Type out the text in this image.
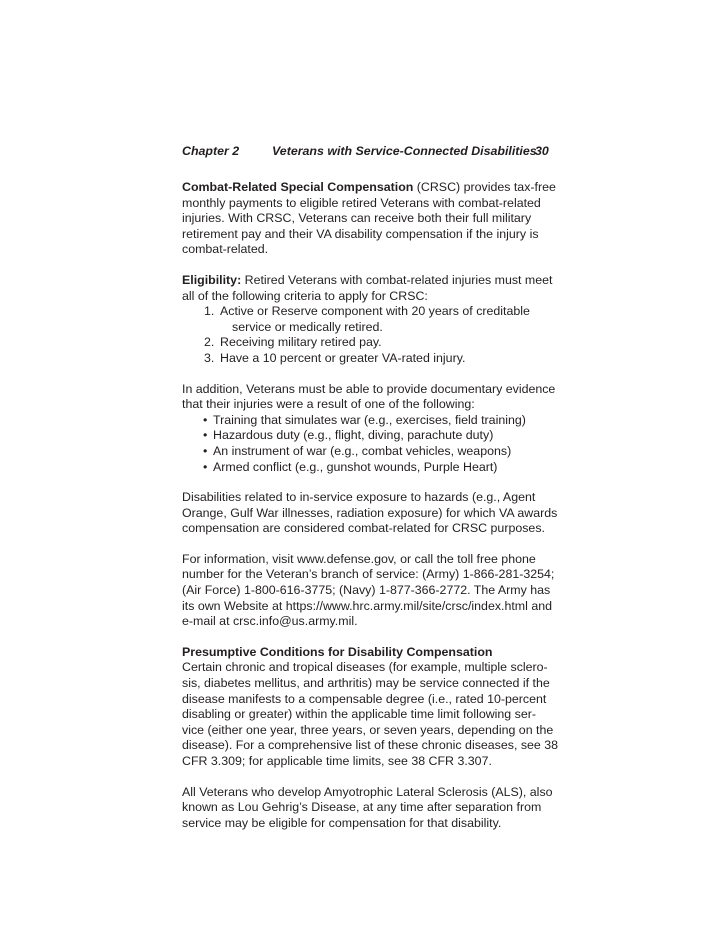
Chapter 2	Veterans with Service-Connected Disabilities
30

Combat-Related Special Compensation (CRSC) provides tax-free
monthly payments to eligible retired Veterans with combat-related
injuries. With CRSC, Veterans can receive both their full military
retirement pay and their VA disability compensation if the injury is
combat-related.

Eligibility: Retired Veterans with combat-related injuries must meet
all of the following criteria to apply for CRSC:

1. Active or Reserve component with 20 years of creditable
service or medically retired.
2. Receiving military retired pay.
3. Have a 10 percent or greater VA-rated injury.

In addition, Veterans must be able to provide documentary evidence
that their injuries were a result of one of the following:

• Training that simulates war (e.g., exercises, field training)
• Hazardous duty (e.g., flight, diving, parachute duty)
• An instrument of war (e.g., combat vehicles, weapons)
• Armed conflict (e.g., gunshot wounds, Purple Heart)

Disabilities related to in-service exposure to hazards (e.g., Agent
Orange, Gulf War illnesses, radiation exposure) for which VA awards
compensation are considered combat-related for CRSC purposes.

For information, visit www.defense.gov, or call the toll free phone
number for the Veteran’s branch of service: (Army) 1-866-281-3254;
(Air Force) 1-800-616-3775; (Navy) 1-877-366-2772. The Army has
its own Website at https://www.hrc.army.mil/site/crsc/index.html and
e-mail at crsc.info@us.army.mil.

Presumptive Conditions for Disability Compensation
Certain chronic and tropical diseases (for example, multiple sclero-
sis, diabetes mellitus, and arthritis) may be service connected if the
disease manifests to a compensable degree (i.e., rated 10-percent
disabling or greater) within the applicable time limit following ser-
vice (either one year, three years, or seven years, depending on the
disease). For a comprehensive list of these chronic diseases, see 38
CFR 3.309; for applicable time limits, see 38 CFR 3.307.

All Veterans who develop Amyotrophic Lateral Sclerosis (ALS), also
known as Lou Gehrig’s Disease, at any time after separation from
service may be eligible for compensation for that disability.
